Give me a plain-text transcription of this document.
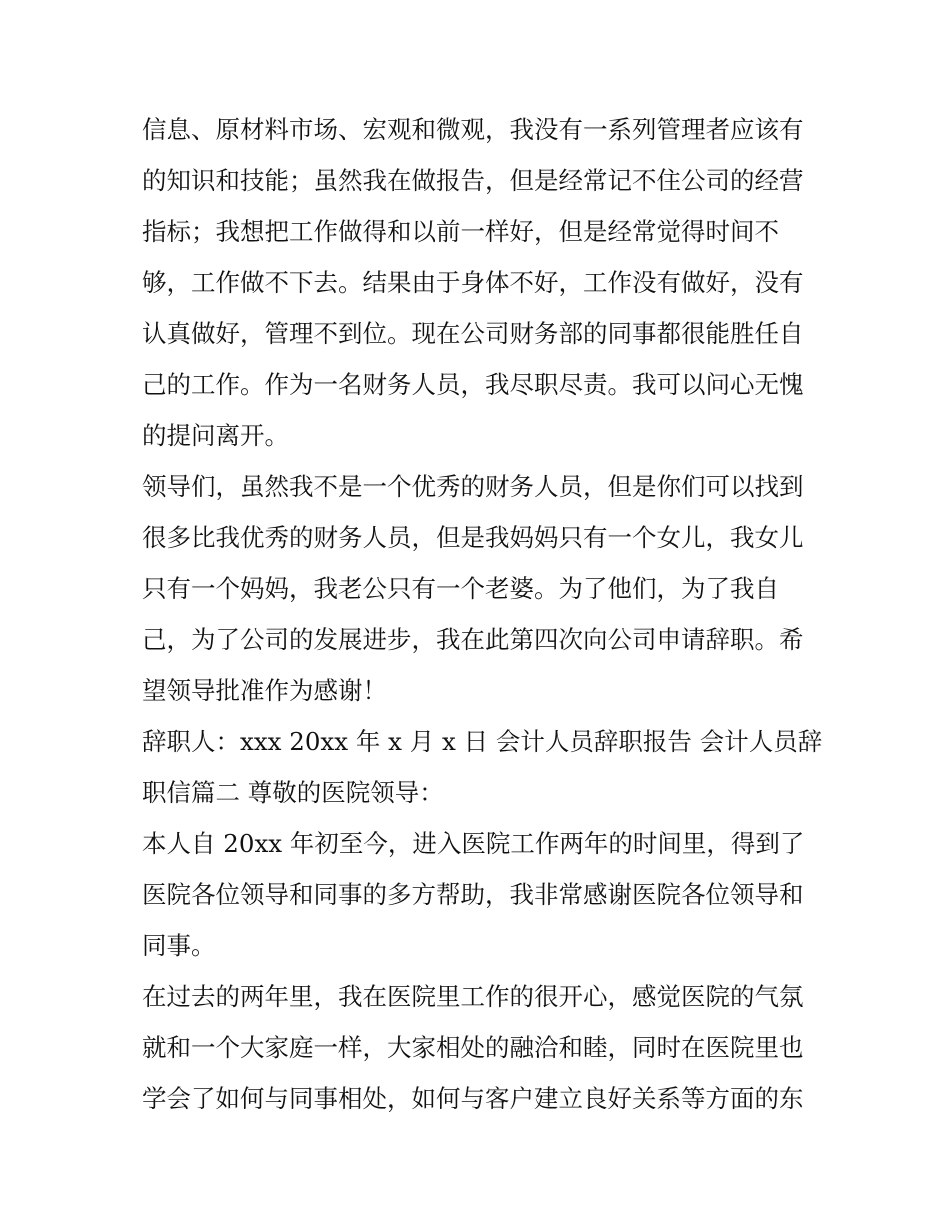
信息、原材料市场、宏观和微观，我没有一系列管理者应该有
的知识和技能；虽然我在做报告，但是经常记不住公司的经营
指标；我想把工作做得和以前一样好，但是经常觉得时间不
够，工作做不下去。结果由于身体不好，工作没有做好，没有
认真做好，管理不到位。现在公司财务部的同事都很能胜任自
己的工作。作为一名财务人员，我尽职尽责。我可以问心无愧
的提问离开。
领导们，虽然我不是一个优秀的财务人员，但是你们可以找到
很多比我优秀的财务人员，但是我妈妈只有一个女儿，我女儿
只有一个妈妈，我老公只有一个老婆。为了他们，为了我自
己，为了公司的发展进步，我在此第四次向公司申请辞职。希
望领导批准作为感谢！
辞职人：xxx 20xx 年 x 月 x 日 会计人员辞职报告 会计人员辞
职信篇二 尊敬的医院领导：
本人自 20xx 年初至今，进入医院工作两年的时间里，得到了
医院各位领导和同事的多方帮助，我非常感谢医院各位领导和
同事。
在过去的两年里，我在医院里工作的很开心，感觉医院的气氛
就和一个大家庭一样，大家相处的融洽和睦，同时在医院里也
学会了如何与同事相处，如何与客户建立良好关系等方面的东
